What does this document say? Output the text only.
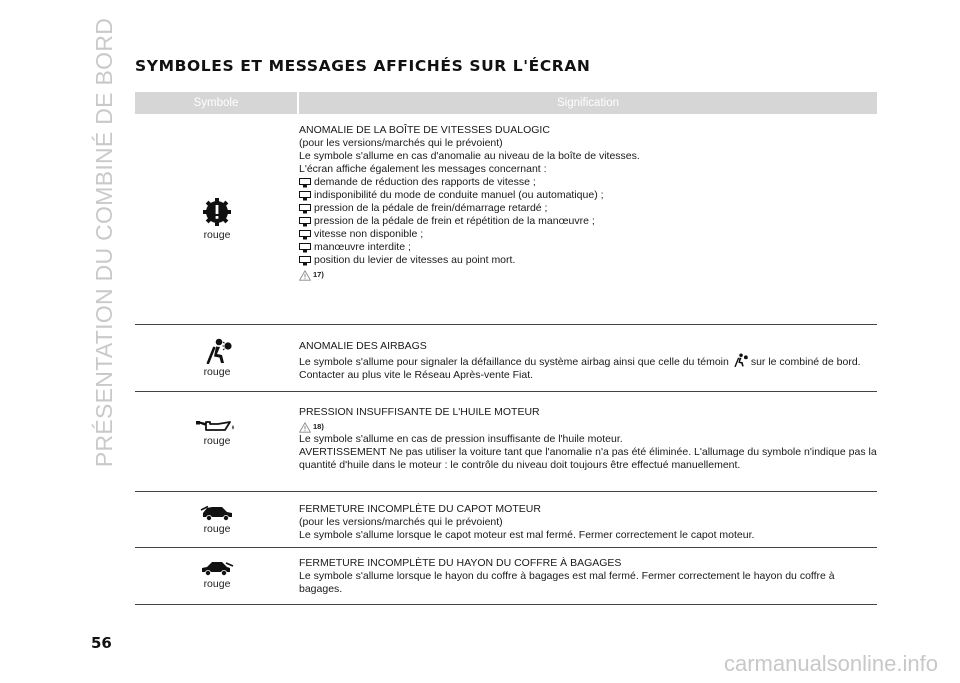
PRÉSENTATION DU COMBINÉ DE BORD SYMBOLES ET MESSAGES AFFICHÉS SUR L'ÉCRAN
Symbole	Signification
rouge

ANOMALIE DE LA BOÎTE DE VITESSES DUALOGIC

(pour les versions/marchés qui le prévoient)

Le symbole s'allume en cas d'anomalie au niveau de la boîte de vitesses.

L'écran affiche également les messages concernant :

demande de réduction des rapports de vitesse ;
indisponibilité du mode de conduite manuel (ou automatique) ;
pression de la pédale de frein/démarrage retardé ;
pression de la pédale de frein et répétition de la manœuvre ;
vitesse non disponible ;
manœuvre interdite ;
position du levier de vitesses au point mort.
17)
rouge

ANOMALIE DES AIRBAGS

Le symbole s'allume pour signaler la défaillance du système airbag ainsi que celle du témoin sur le combiné de bord. Contacter au plus vite le Réseau Après-vente Fiat.

rouge

PRESSION INSUFFISANTE DE L'HUILE MOTEUR

18)

Le symbole s'allume en cas de pression insuffisante de l'huile moteur.

AVERTISSEMENT Ne pas utiliser la voiture tant que l'anomalie n'a pas été éliminée. L'allumage du symbole n'indique pas la quantité d'huile dans le moteur : le contrôle du niveau doit toujours être effectué manuellement.

rouge

FERMETURE INCOMPLÈTE DU CAPOT MOTEUR

(pour les versions/marchés qui le prévoient)

Le symbole s'allume lorsque le capot moteur est mal fermé. Fermer correctement le capot moteur.

rouge

FERMETURE INCOMPLÈTE DU HAYON DU COFFRE À BAGAGES

Le symbole s'allume lorsque le hayon du coffre à bagages est mal fermé. Fermer correctement le hayon du coffre à bagages.

56
carmanualsonline.info
